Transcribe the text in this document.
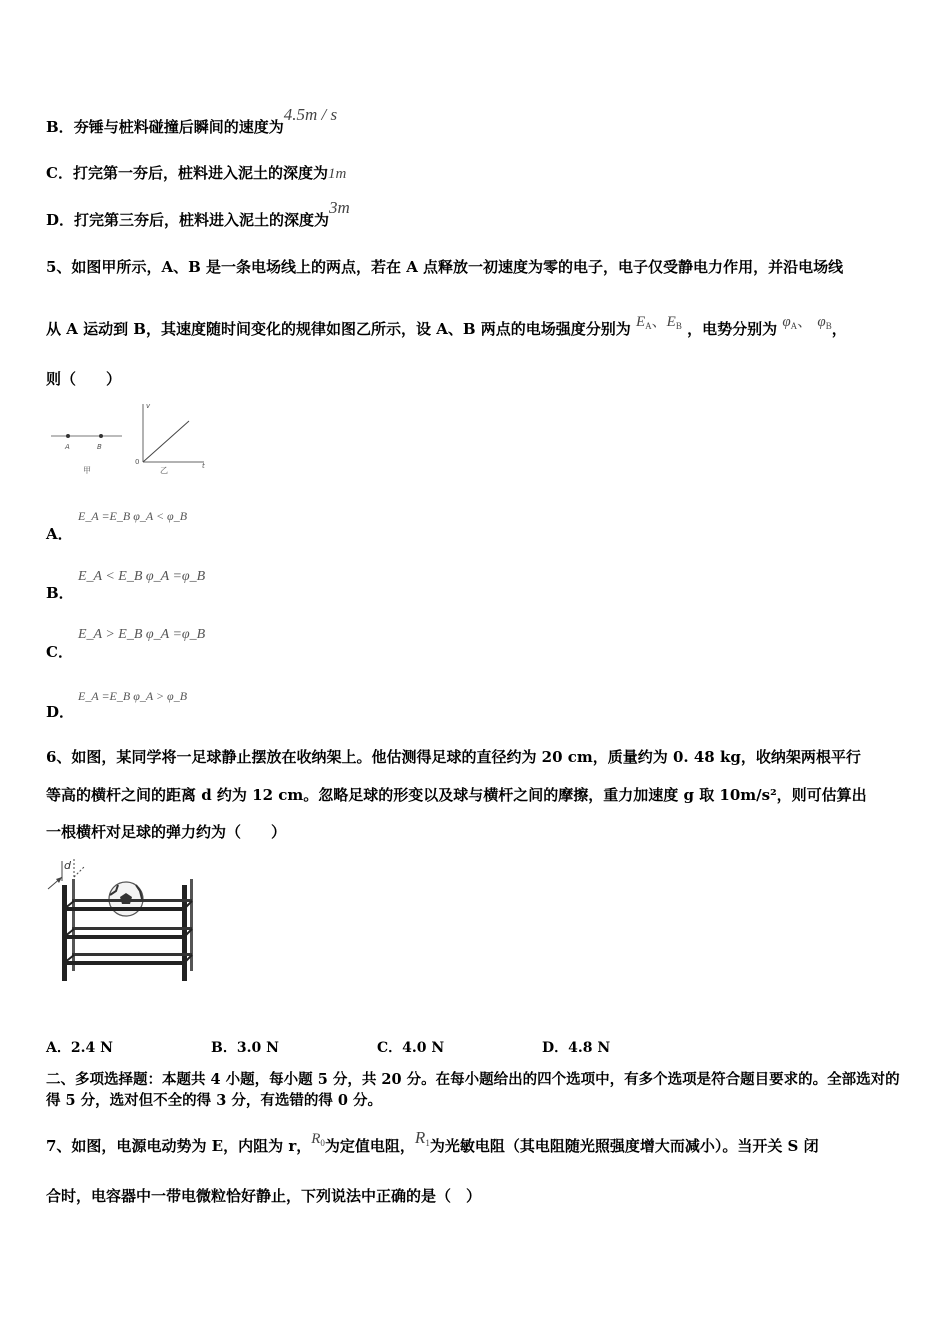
B．夯锤与桩料碰撞后瞬间的速度为4.5m / s
C．打完第一夯后，桩料进入泥土的深度为1m
D．打完第三夯后，桩料进入泥土的深度为3m
5、如图甲所示，A、B 是一条电场线上的两点，若在 A 点释放一初速度为零的电子，电子仅受静电力作用，并沿电场线
从 A 运动到 B，其速度随时间变化的规律如图乙所示，设 A、B 两点的电场强度分别为 $E_A$、$E_B$ ，电势分别为 $\varphi_A$、 $\varphi_B$，
则（　　）
A	B
甲
v
t
0
乙
A．
E_A =E_B φ_A < φ_B
B．
E_A < E_B φ_A =φ_B
C．
E_A > E_B φ_A =φ_B
D．
E_A =E_B φ_A > φ_B
6、如图，某同学将一足球静止摆放在收纳架上。他估测得足球的直径约为 20 cm，质量约为 0. 48 kg，收纳架两根平行
等高的横杆之间的距离 d 约为 12 cm。忽略足球的形变以及球与横杆之间的摩擦，重力加速度 g 取 10m/s²，则可估算出
一根横杆对足球的弹力约为（　　）
d
A．2.4 N	B．3.0 N	C．4.0 N	D．4.8 N
二、多项选择题：本题共 4 小题，每小题 5 分，共 20 分。在每小题给出的四个选项中，有多个选项是符合题目要求的。全部选对的得 5 分，选对但不全的得 3 分，有选错的得 0 分。
7、如图，电源电动势为 E，内阻为 r，$R_0$为定值电阻，$R_1$为光敏电阻（其电阻随光照强度增大而减小）。当开关 S 闭
合时，电容器中一带电微粒恰好静止，下列说法中正确的是（　）
